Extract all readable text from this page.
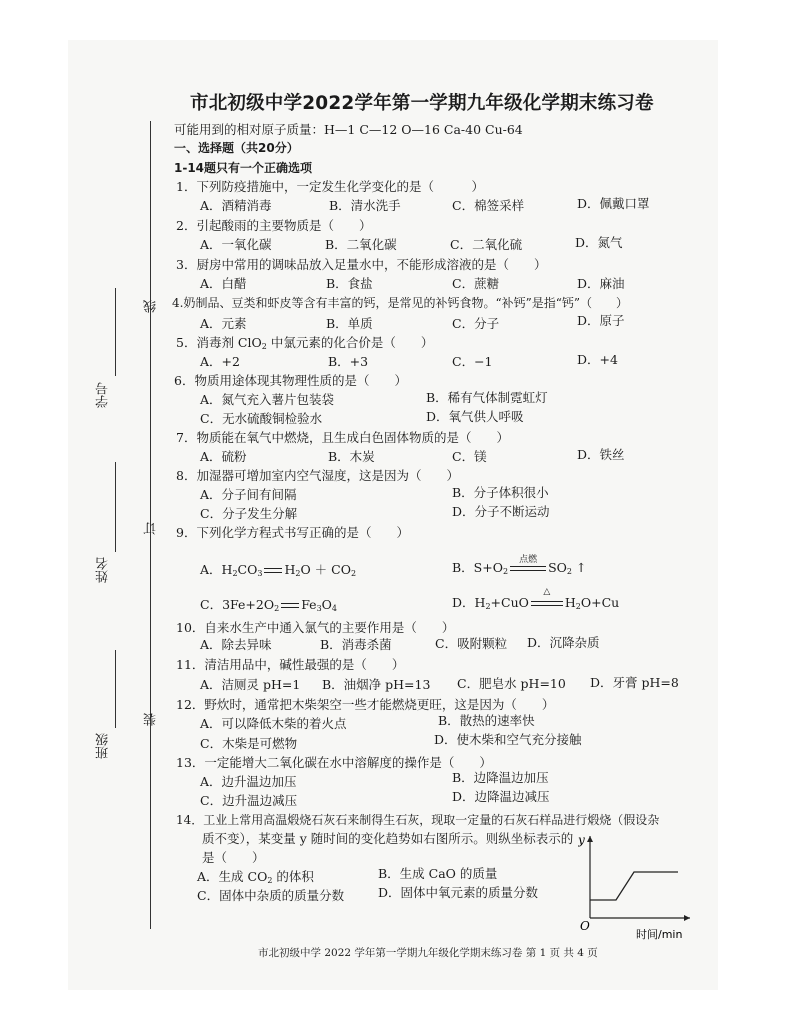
市北初级中学2022学年第一学期九年级化学期末练习卷
学号
姓名
班级
线
订
装
可能用到的相对原子质量：H—1 C—12 O—16 Ca-40 Cu-64
一、选择题（共20分）
1-14题只有一个正确选项
1．下列防疫措施中，一定发生化学变化的是（　　　）
A．酒精消毒	B．清水洗手	C．棉签采样	D．佩戴口罩
2．引起酸雨的主要物质是（　　）
A．一氧化碳	B．二氧化碳	C．二氧化硫	D．氮气
3．厨房中常用的调味品放入足量水中，不能形成溶液的是（　　）
A．白醋	B．食盐	C．蔗糖	D．麻油
4.奶制品、豆类和虾皮等含有丰富的钙，是常见的补钙食物。“补钙”是指“钙”（　　）
A．元素	B．单质	C．分子	D．原子
5．消毒剂 ClO$_2$ 中氯元素的化合价是（　　）
A．+2	B．+3	C．−1	D．+4
6．物质用途体现其物理性质的是（　　）
A．氮气充入薯片包装袋	B．稀有气体制霓虹灯
C．无水硫酸铜检验水	D．氧气供人呼吸
7．物质能在氧气中燃烧，且生成白色固体物质的是（　　）
A．硫粉	B．木炭	C．镁	D．铁丝
8．加湿器可增加室内空气湿度，这是因为（　　）
A．分子间有间隔	B．分子体积很小
C．分子发生分解	D．分子不断运动
9．下列化学方程式书写正确的是（　　）
A．$H_2CO_3$ $H_2O + CO_2$	B．$S+O_2$
点燃
$SO_2$ ↑
C．$3Fe+2O_2$ $Fe_3O_4$	D．$H_2+CuO$
△
$H_2O+Cu$
10．自来水生产中通入氯气的主要作用是（　　）
A．除去异味	B．消毒杀菌	C．吸附颗粒 D．沉降杂质
11．清洁用品中，碱性最强的是（　　）
A．洁厕灵 pH=1 B．油烟净 pH=13 C．肥皂水 pH=10 D．牙膏 pH=8
12．野炊时，通常把木柴架空一些才能燃烧更旺，这是因为（　　）
A．可以降低木柴的着火点	B．散热的速率快
C．木柴是可燃物	D．使木柴和空气充分接触
13．一定能增大二氧化碳在水中溶解度的操作是（　　）
A．边升温边加压	B．边降温边加压
C．边升温边减压	D．边降温边减压
14．工业上常用高温煅烧石灰石来制得生石灰，现取一定量的石灰石样品进行煅烧（假设杂
质不变），某变量 y 随时间的变化趋势如右图所示。则纵坐标表示的
是（　　）
A．生成 $CO_2$ 的体积	B．生成 CaO 的质量
C．固体中杂质的质量分数	D．固体中氧元素的质量分数
y
O
时间/min
市北初级中学 2022 学年第一学期九年级化学期末练习卷 第 1 页 共 4 页
